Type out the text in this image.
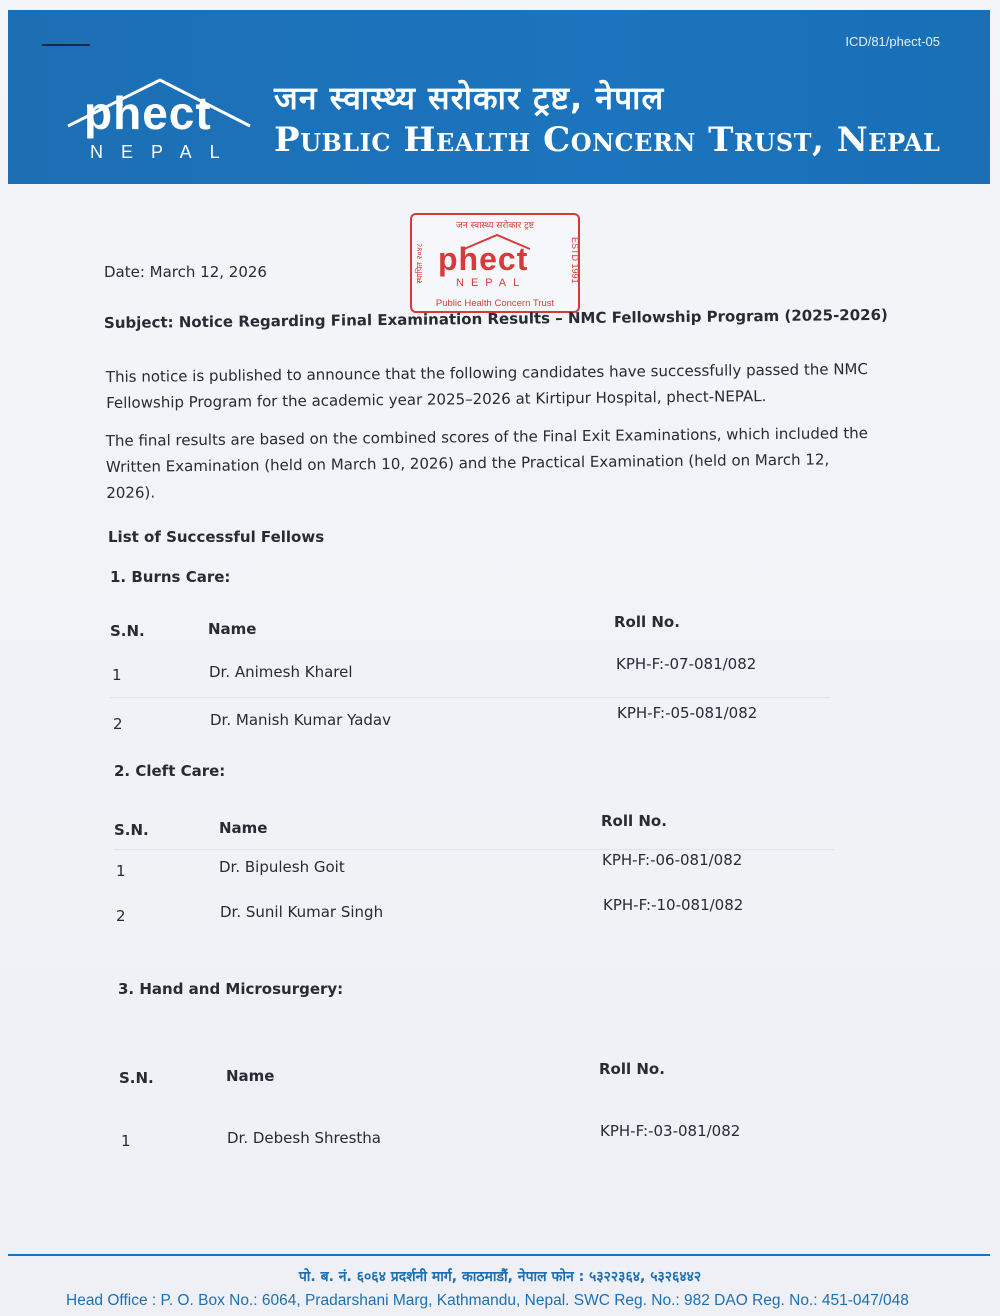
ICD/81/phect-05
phect
NEPAL
जन स्वास्थ्य सरोकार ट्रष्ट, नेपाल
Public Health Concern Trust, Nepal
जन स्वास्थ्य सरोकार ट्रष्ट
phect
NEPAL
Public Health Concern Trust
ESTD 1991
स्थापित २०४८
Date: March 12, 2026
Subject: Notice Regarding Final Examination Results – NMC Fellowship Program (2025-2026)
This notice is published to announce that the following candidates have successfully passed the NMC Fellowship Program for the academic year 2025–2026 at Kirtipur Hospital, phect-NEPAL.
The final results are based on the combined scores of the Final Exit Examinations, which included the Written Examination (held on March 10, 2026) and the Practical Examination (held on March 12, 2026).
List of Successful Fellows
1. Burns Care:
S.N.	Name	Roll No.
1	Dr. Animesh Kharel	KPH-F:-07-081/082
2	Dr. Manish Kumar Yadav	KPH-F:-05-081/082
2. Cleft Care:
S.N.	Name	Roll No.
1	Dr. Bipulesh Goit	KPH-F:-06-081/082
2	Dr. Sunil Kumar Singh	KPH-F:-10-081/082
3. Hand and Microsurgery:
S.N.	Name	Roll No.
1	Dr. Debesh Shrestha	KPH-F:-03-081/082
पो. ब. नं. ६०६४ प्रदर्शनी मार्ग, काठमाडौं, नेपाल फोन : ५३२२३६४, ५३२६४४२
Head Office : P. O. Box No.: 6064, Pradarshani Marg, Kathmandu, Nepal. SWC Reg. No.: 982 DAO Reg. No.: 451-047/048
